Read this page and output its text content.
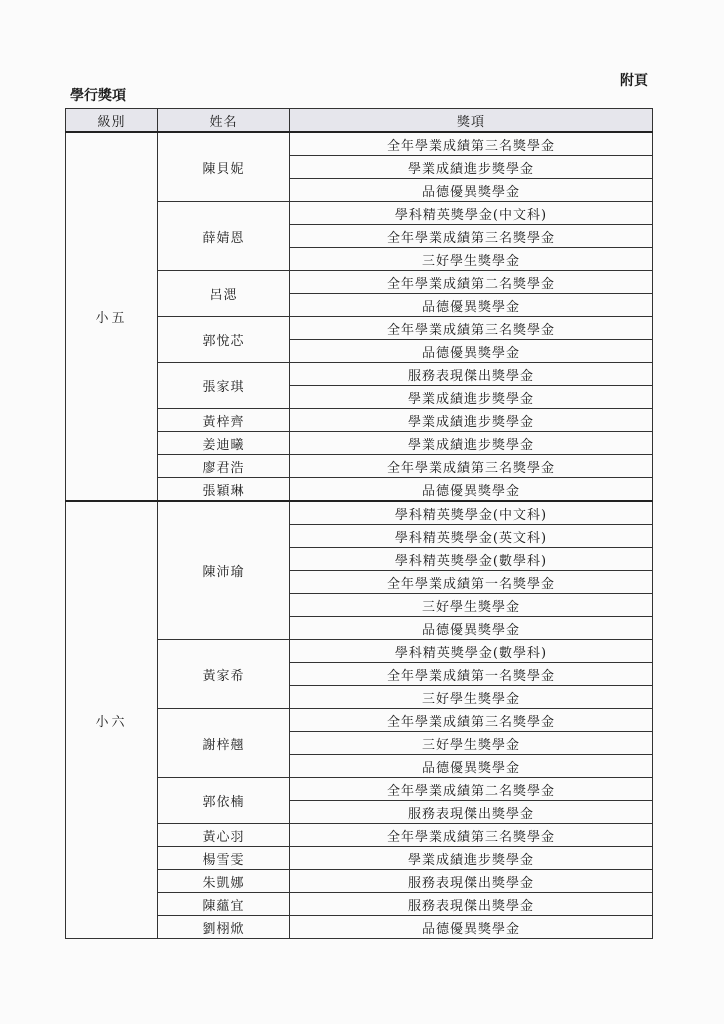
附頁
學行獎項
級別	姓名	獎項
小五	陳貝妮	全年學業成績第三名獎學金
		學業成績進步獎學金
		品德優異獎學金
	薛婧恩	學科精英獎學金(中文科)
		全年學業成績第三名獎學金
		三好學生獎學金
	呂㴓	全年學業成績第二名獎學金
		品德優異獎學金
	郭悅芯	全年學業成績第三名獎學金
		品德優異獎學金
	張家琪	服務表現傑出獎學金
		學業成績進步獎學金
	黃梓齊	學業成績進步獎學金
	姜迪曦	學業成績進步獎學金
	廖君浩	全年學業成績第三名獎學金
	張穎琳	品德優異獎學金
小六	陳沛瑜	學科精英獎學金(中文科)
		學科精英獎學金(英文科)
		學科精英獎學金(數學科)
		全年學業成績第一名獎學金
		三好學生獎學金
		品德優異獎學金
	黃家希	學科精英獎學金(數學科)
		全年學業成績第一名獎學金
		三好學生獎學金
	謝梓翹	全年學業成績第三名獎學金
		三好學生獎學金
		品德優異獎學金
	郭依楠	全年學業成績第二名獎學金
		服務表現傑出獎學金
	黃心羽	全年學業成績第三名獎學金
	楊雪雯	學業成績進步獎學金
	朱凱娜	服務表現傑出獎學金
	陳蘊宜	服務表現傑出獎學金
	劉栩焮	品德優異獎學金
